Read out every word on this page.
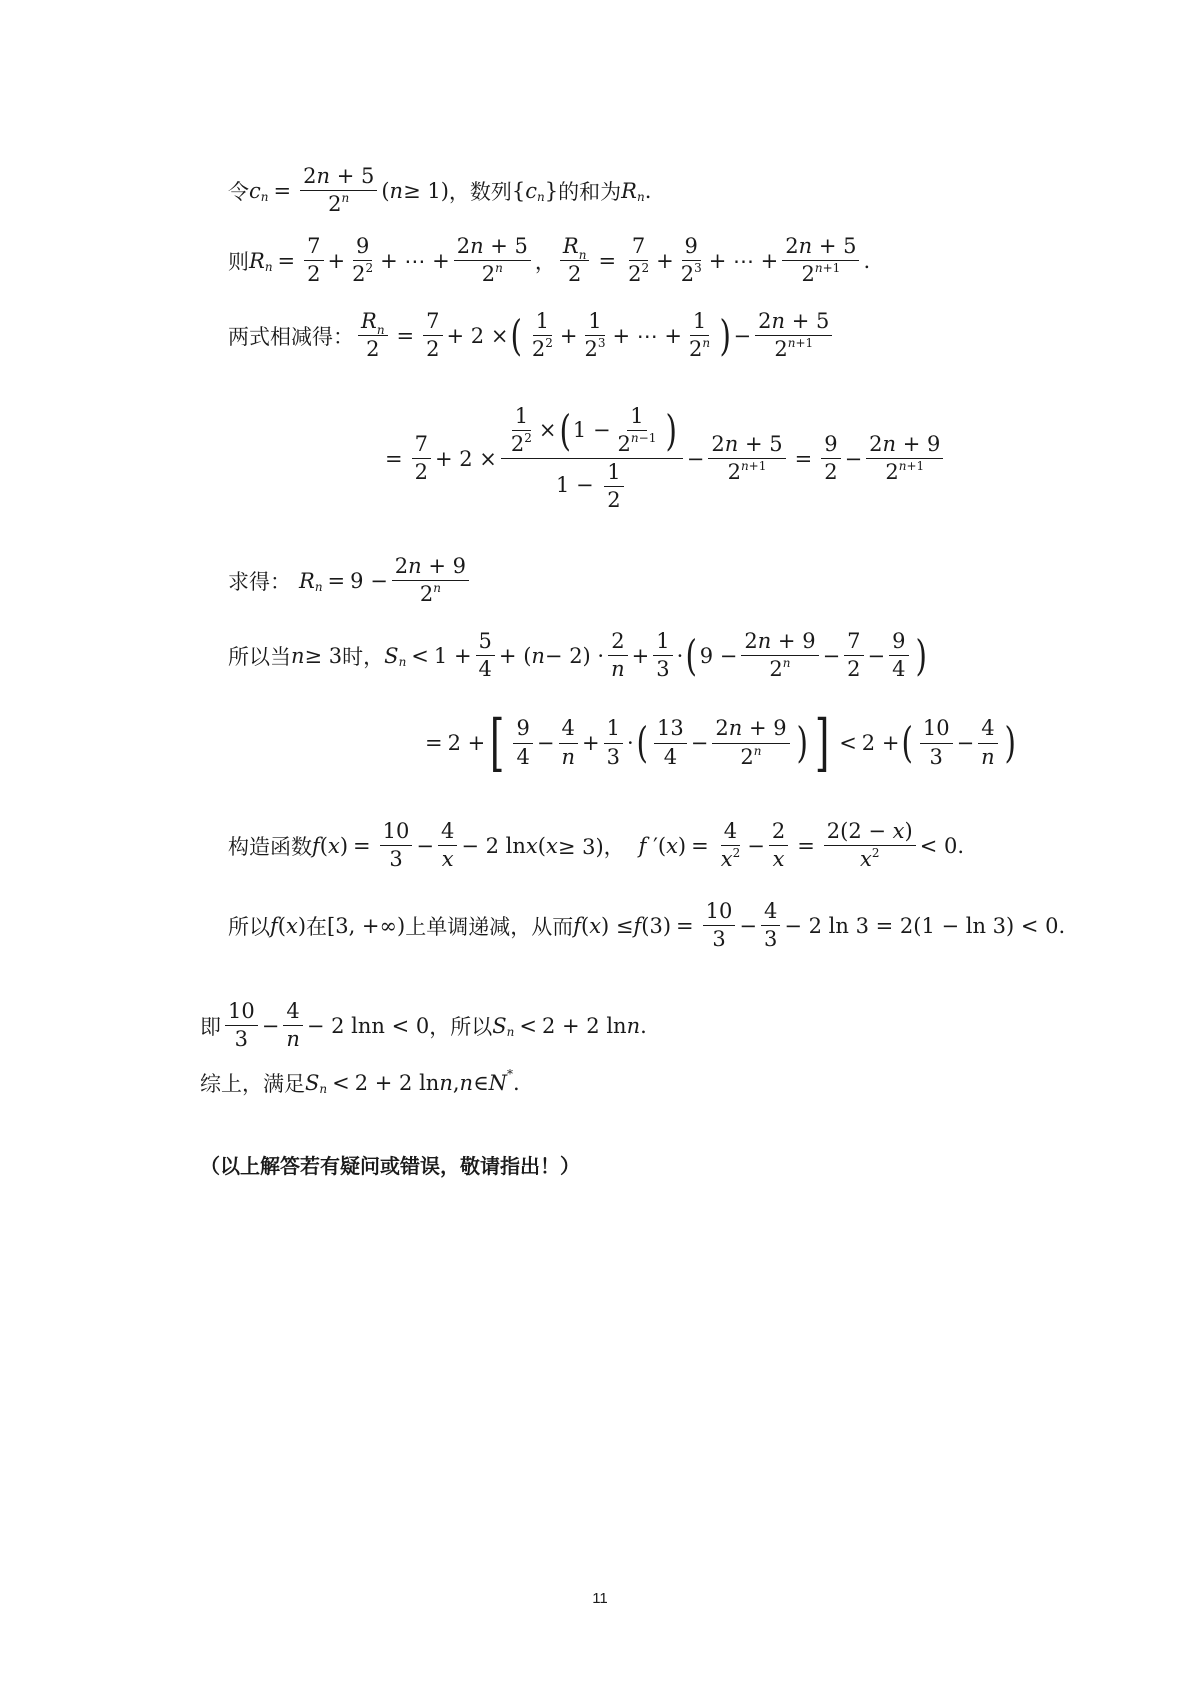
令 c $n = \frac{2n + 5}{2^n}$ ( n ≥ 1) ，数列 { c n } 的和为 R n .
则 R $n = \frac{7}{2} + \frac{9}{2^2}$ + ⋯ + $\frac{2n + 5}{2^n}$ ， $\frac{R_n}{2} = \frac{7}{2^2} + \frac{9}{2^3}$ + ⋯ + $\frac{2n + 5}{2^{n+1}}$ .
两式相减得： $\frac{R_n}{2} = \frac{7}{2} + 2$ × ( $\frac{1}{2^2} + \frac{1}{2^3}$ + ⋯ + $\frac{1}{2^n}$ ) − $\frac{2n + 5}{2^{n+1}}$
= $\frac{7}{2} + 2 \times \frac{\frac{1}{2^2} \times ( 1 - \frac{1}{2^{n-1}} )}{1 - \frac{1}{2}} - \frac{2n + 5}{2^{n+1}} = \frac{9}{2} - \frac{2n + 9}{2^{n+1}}$
求得： R $n = 9 - \frac{2n + 9}{2^n}$
所以当 n ≥ 3 时， S $n < 1 + \frac{5}{4}$ + ( $n - 2) \cdot \frac{2}{n} + \frac{1}{3}$ · ( $9 - \frac{2n + 9}{2^n} - \frac{7}{2} - \frac{9}{4}$ )
= 2 + [ $\frac{9}{4} - \frac{4}{n} + \frac{1}{3}$ · ( $\frac{13}{4} - \frac{2n + 9}{2^n}$ ) ] < 2 + ( $\frac{10}{3} - \frac{4}{n}$ )
构造函数 f ( x ) = $\frac{10}{3} - \frac{4}{x} - 2$ ln x ( x ≥ 3)， f $'(x) = \frac{4}{x^2} - \frac{2}{x} = \frac{2(2 - x)}{x^2} < 0$.
所以 f ( x ) 在 [3, +∞) 上单调递减，从而 f ( x ) ≤ f $(3) = \frac{10}{3} - \frac{4}{3} - 2$ ln 3 = 2(1 − ln 3) < 0.
即 $\frac{10}{3} - \frac{4}{n} - 2$ lnn < 0 ，所以 S n < 2 + 2 ln n .
综上，满足 S n < 2 + 2 ln n , n ∈ N * .
（以上解答若有疑问或错误，敬请指出！）
11
